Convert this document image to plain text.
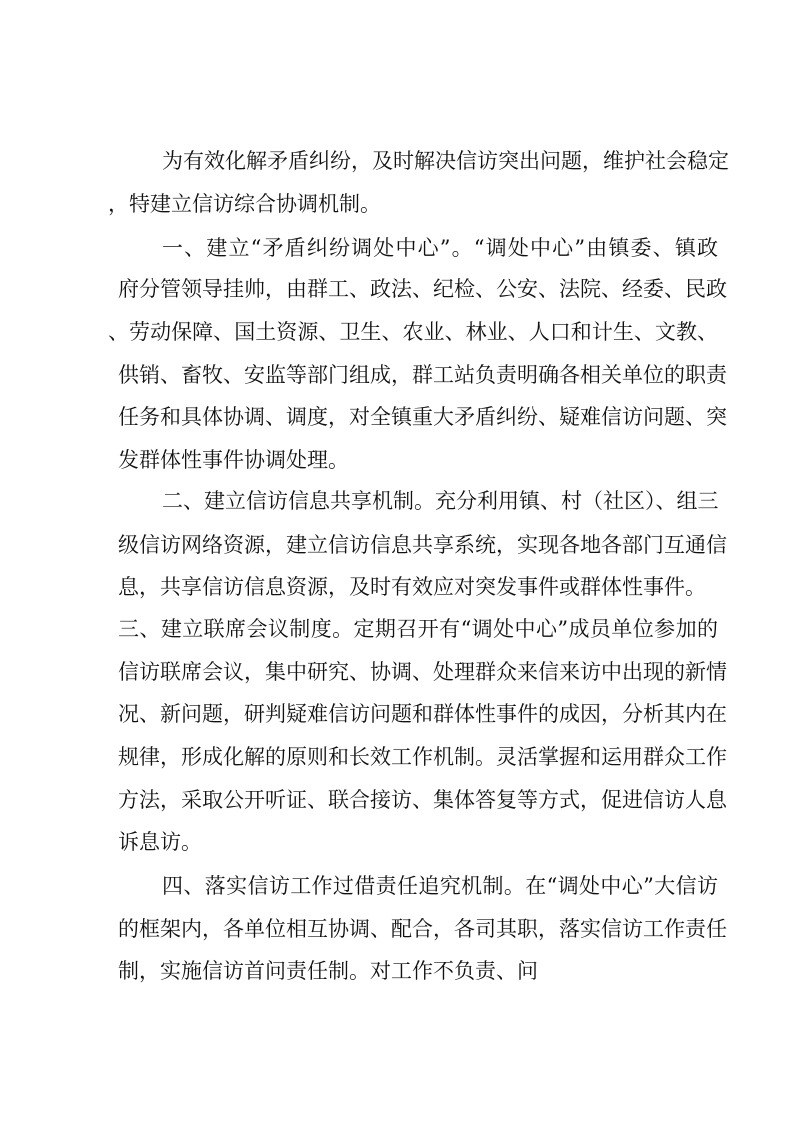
为有效化解矛盾纠纷，及时解决信访突出问题，维护社会稳定
，特建立信访综合协调机制。
一、建立“矛盾纠纷调处中心”。“调处中心”由镇委、镇政
府分管领导挂帅，由群工、政法、纪检、公安、法院、经委、民政
、劳动保障、国土资源、卫生、农业、林业、人口和计生、文教、
供销、畜牧、安监等部门组成，群工站负责明确各相关单位的职责
任务和具体协调、调度，对全镇重大矛盾纠纷、疑难信访问题、突
发群体性事件协调处理。
二、建立信访信息共享机制。充分利用镇、村（社区）、组三
级信访网络资源，建立信访信息共享系统，实现各地各部门互通信
息，共享信访信息资源，及时有效应对突发事件或群体性事件。
三、建立联席会议制度。定期召开有“调处中心”成员单位参加的
信访联席会议，集中研究、协调、处理群众来信来访中出现的新情
况、新问题，研判疑难信访问题和群体性事件的成因，分析其内在
规律，形成化解的原则和长效工作机制。灵活掌握和运用群众工作
方法，采取公开听证、联合接访、集体答复等方式，促进信访人息
诉息访。
四、落实信访工作过借责任追究机制。在“调处中心”大信访
的框架内，各单位相互协调、配合，各司其职，落实信访工作责任
制，实施信访首问责任制。对工作不负责、问
